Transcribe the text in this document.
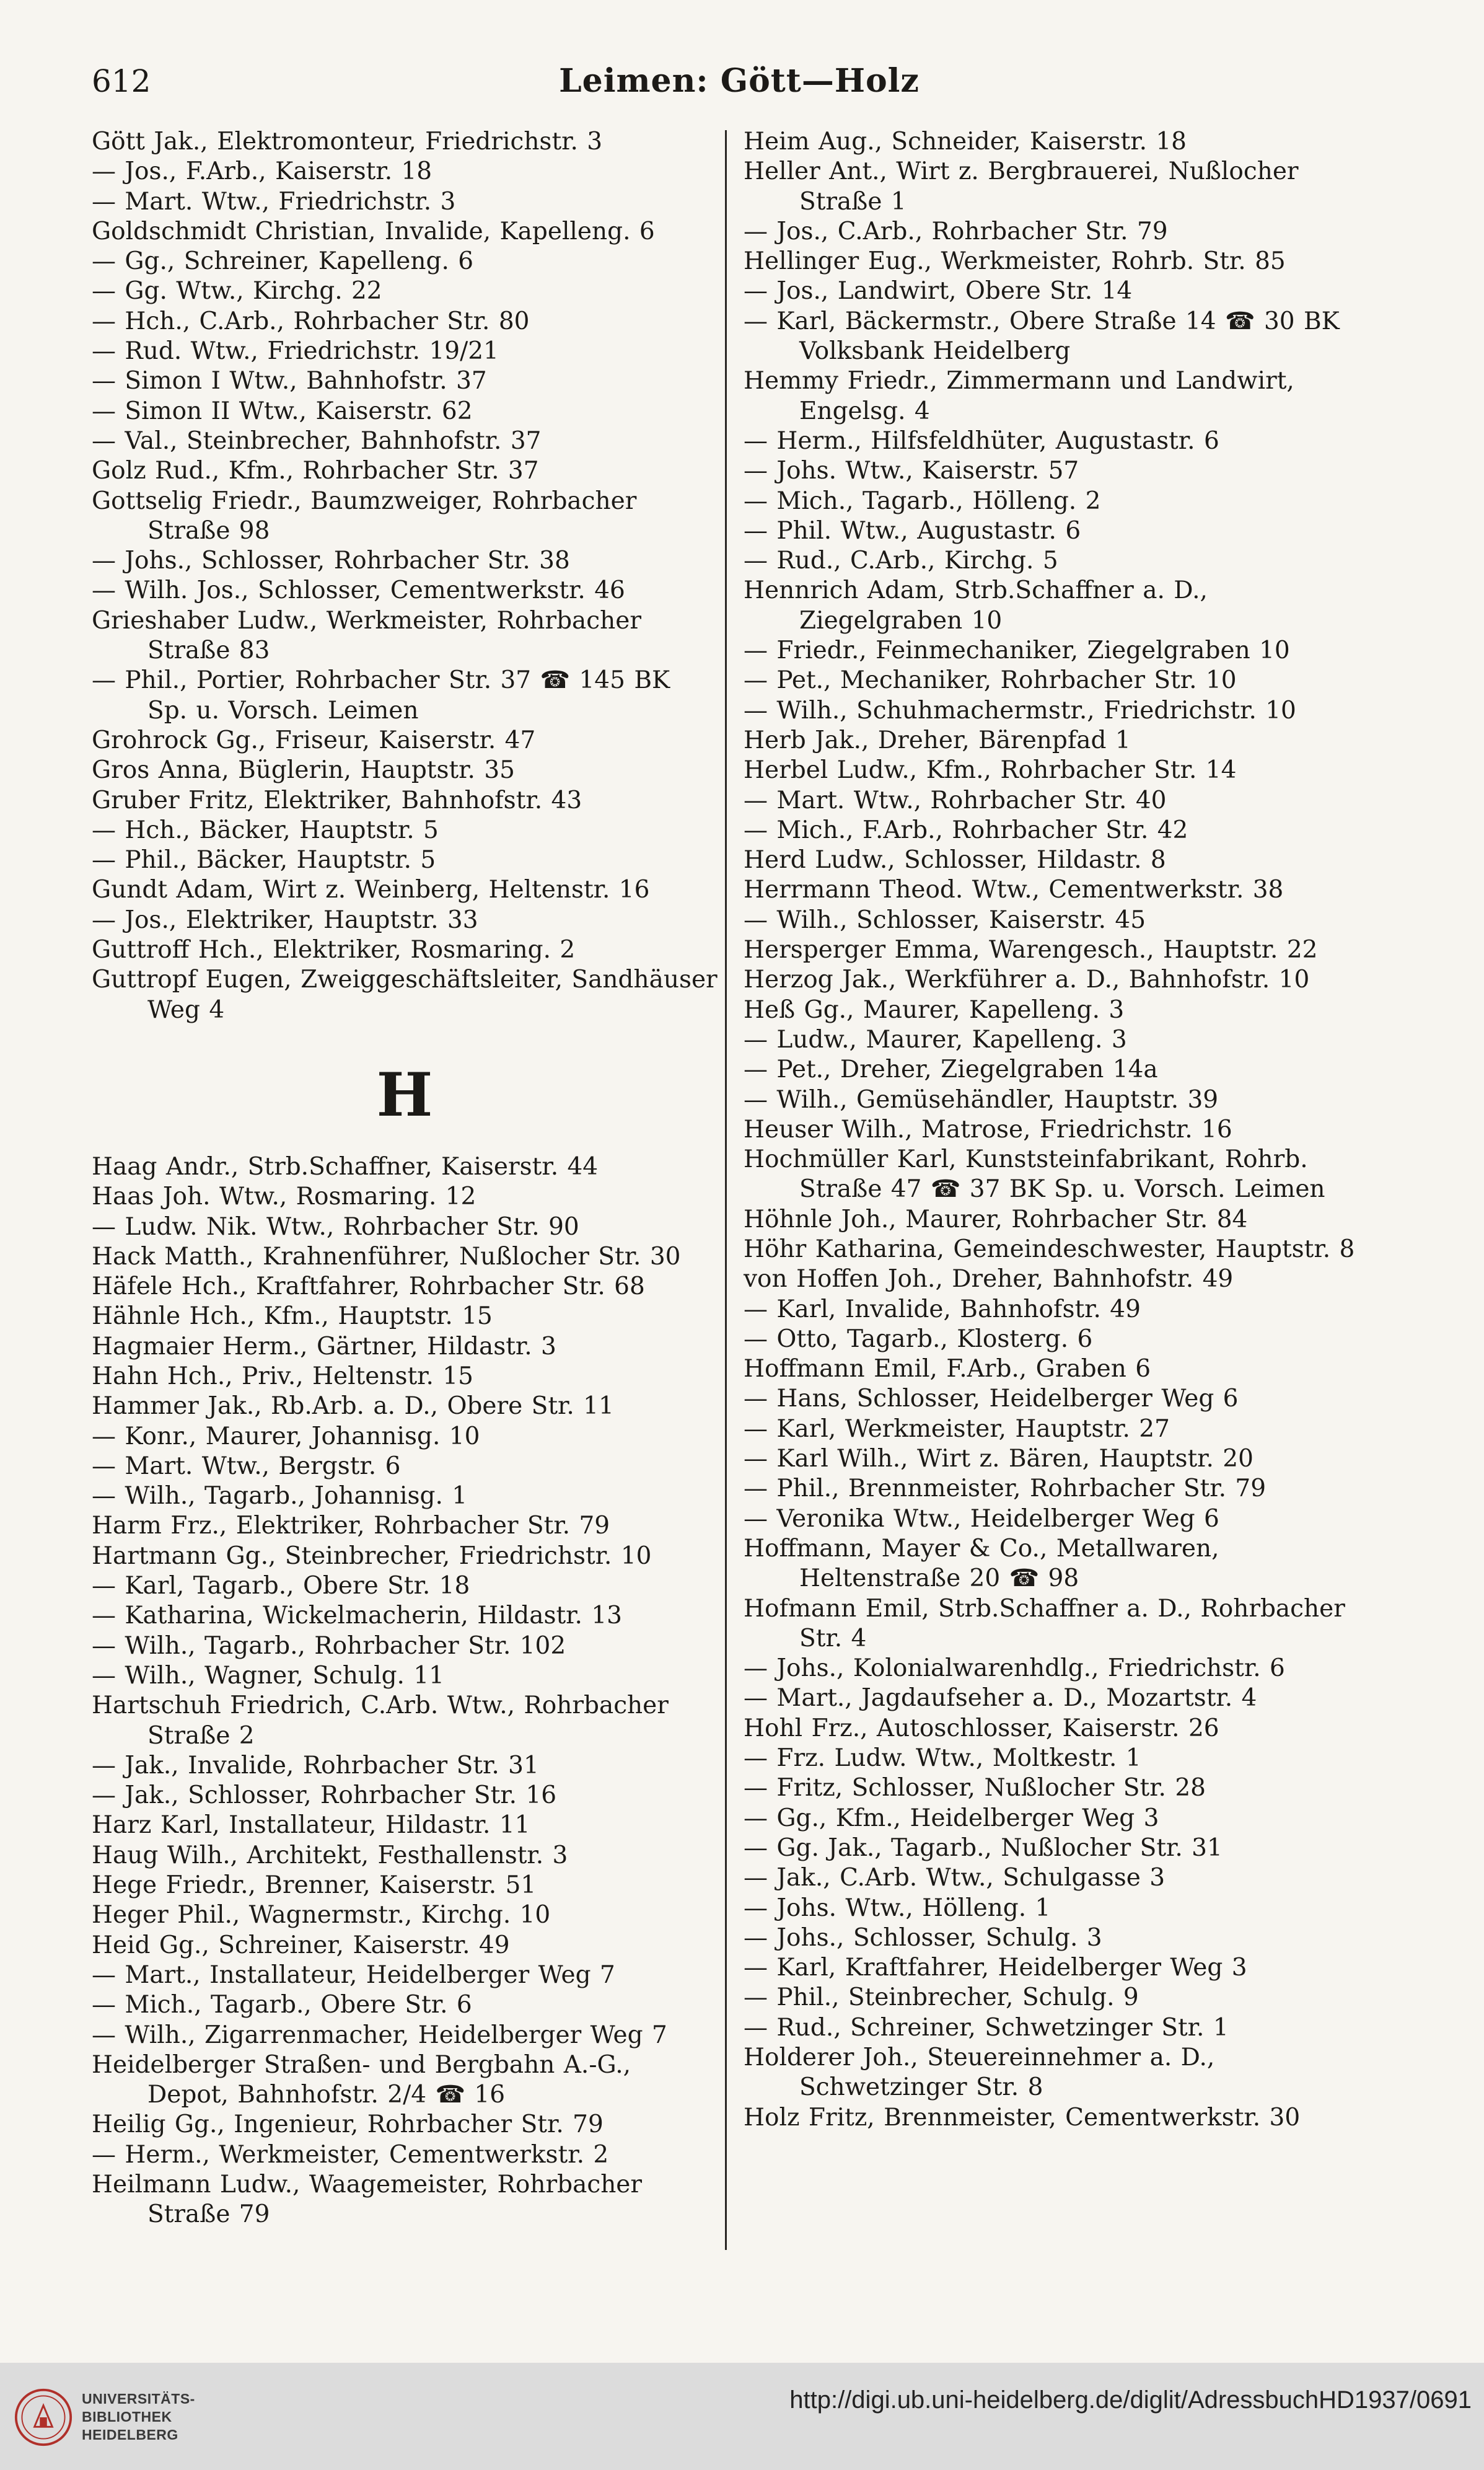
612	Leimen: Gött—Holz
Gött Jak., Elektromonteur, Friedrichstr. 3
— Jos., F.Arb., Kaiserstr. 18
— Mart. Wtw., Friedrichstr. 3
Goldschmidt Christian, Invalide, Kapelleng. 6
— Gg., Schreiner, Kapelleng. 6
— Gg. Wtw., Kirchg. 22
— Hch., C.Arb., Rohrbacher Str. 80
— Rud. Wtw., Friedrichstr. 19/21
— Simon I Wtw., Bahnhofstr. 37
— Simon II Wtw., Kaiserstr. 62
— Val., Steinbrecher, Bahnhofstr. 37
Golz Rud., Kfm., Rohrbacher Str. 37
Gottselig Friedr., Baumzweiger, Rohrbacher Straße 98
— Johs., Schlosser, Rohrbacher Str. 38
— Wilh. Jos., Schlosser, Cementwerkstr. 46
Grieshaber Ludw., Werkmeister, Rohrbacher Straße 83
— Phil., Portier, Rohrbacher Str. 37 ☎ 145 BK Sp. u. Vorsch. Leimen
Grohrock Gg., Friseur, Kaiserstr. 47
Gros Anna, Büglerin, Hauptstr. 35
Gruber Fritz, Elektriker, Bahnhofstr. 43
— Hch., Bäcker, Hauptstr. 5
— Phil., Bäcker, Hauptstr. 5
Gundt Adam, Wirt z. Weinberg, Heltenstr. 16
— Jos., Elektriker, Hauptstr. 33
Guttroff Hch., Elektriker, Rosmaring. 2
Guttropf Eugen, Zweiggeschäftsleiter, Sandhäuser Weg 4
H
Haag Andr., Strb.Schaffner, Kaiserstr. 44
Haas Joh. Wtw., Rosmaring. 12
— Ludw. Nik. Wtw., Rohrbacher Str. 90
Hack Matth., Krahnenführer, Nußlocher Str. 30
Häfele Hch., Kraftfahrer, Rohrbacher Str. 68
Hähnle Hch., Kfm., Hauptstr. 15
Hagmaier Herm., Gärtner, Hildastr. 3
Hahn Hch., Priv., Heltenstr. 15
Hammer Jak., Rb.Arb. a. D., Obere Str. 11
— Konr., Maurer, Johannisg. 10
— Mart. Wtw., Bergstr. 6
— Wilh., Tagarb., Johannisg. 1
Harm Frz., Elektriker, Rohrbacher Str. 79
Hartmann Gg., Steinbrecher, Friedrichstr. 10
— Karl, Tagarb., Obere Str. 18
— Katharina, Wickelmacherin, Hildastr. 13
— Wilh., Tagarb., Rohrbacher Str. 102
— Wilh., Wagner, Schulg. 11
Hartschuh Friedrich, C.Arb. Wtw., Rohrbacher Straße 2
— Jak., Invalide, Rohrbacher Str. 31
— Jak., Schlosser, Rohrbacher Str. 16
Harz Karl, Installateur, Hildastr. 11
Haug Wilh., Architekt, Festhallenstr. 3
Hege Friedr., Brenner, Kaiserstr. 51
Heger Phil., Wagnermstr., Kirchg. 10
Heid Gg., Schreiner, Kaiserstr. 49
— Mart., Installateur, Heidelberger Weg 7
— Mich., Tagarb., Obere Str. 6
— Wilh., Zigarrenmacher, Heidelberger Weg 7
Heidelberger Straßen- und Bergbahn A.-G., Depot, Bahnhofstr. 2/4 ☎ 16
Heilig Gg., Ingenieur, Rohrbacher Str. 79
— Herm., Werkmeister, Cementwerkstr. 2
Heilmann Ludw., Waagemeister, Rohrbacher Straße 79
Heim Aug., Schneider, Kaiserstr. 18
Heller Ant., Wirt z. Bergbrauerei, Nußlocher Straße 1
— Jos., C.Arb., Rohrbacher Str. 79
Hellinger Eug., Werkmeister, Rohrb. Str. 85
— Jos., Landwirt, Obere Str. 14
— Karl, Bäckermstr., Obere Straße 14 ☎ 30 BK Volksbank Heidelberg
Hemmy Friedr., Zimmermann und Landwirt, Engelsg. 4
— Herm., Hilfsfeldhüter, Augustastr. 6
— Johs. Wtw., Kaiserstr. 57
— Mich., Tagarb., Hölleng. 2
— Phil. Wtw., Augustastr. 6
— Rud., C.Arb., Kirchg. 5
Hennrich Adam, Strb.Schaffner a. D., Ziegelgraben 10
— Friedr., Feinmechaniker, Ziegelgraben 10
— Pet., Mechaniker, Rohrbacher Str. 10
— Wilh., Schuhmachermstr., Friedrichstr. 10
Herb Jak., Dreher, Bärenpfad 1
Herbel Ludw., Kfm., Rohrbacher Str. 14
— Mart. Wtw., Rohrbacher Str. 40
— Mich., F.Arb., Rohrbacher Str. 42
Herd Ludw., Schlosser, Hildastr. 8
Herrmann Theod. Wtw., Cementwerkstr. 38
— Wilh., Schlosser, Kaiserstr. 45
Hersperger Emma, Warengesch., Hauptstr. 22
Herzog Jak., Werkführer a. D., Bahnhofstr. 10
Heß Gg., Maurer, Kapelleng. 3
— Ludw., Maurer, Kapelleng. 3
— Pet., Dreher, Ziegelgraben 14a
— Wilh., Gemüsehändler, Hauptstr. 39
Heuser Wilh., Matrose, Friedrichstr. 16
Hochmüller Karl, Kunststeinfabrikant, Rohrb. Straße 47 ☎ 37 BK Sp. u. Vorsch. Leimen
Höhnle Joh., Maurer, Rohrbacher Str. 84
Höhr Katharina, Gemeindeschwester, Hauptstr. 8
von Hoffen Joh., Dreher, Bahnhofstr. 49
— Karl, Invalide, Bahnhofstr. 49
— Otto, Tagarb., Klosterg. 6
Hoffmann Emil, F.Arb., Graben 6
— Hans, Schlosser, Heidelberger Weg 6
— Karl, Werkmeister, Hauptstr. 27
— Karl Wilh., Wirt z. Bären, Hauptstr. 20
— Phil., Brennmeister, Rohrbacher Str. 79
— Veronika Wtw., Heidelberger Weg 6
Hoffmann, Mayer & Co., Metallwaren, Heltenstraße 20 ☎ 98
Hofmann Emil, Strb.Schaffner a. D., Rohrbacher Str. 4
— Johs., Kolonialwarenhdlg., Friedrichstr. 6
— Mart., Jagdaufseher a. D., Mozartstr. 4
Hohl Frz., Autoschlosser, Kaiserstr. 26
— Frz. Ludw. Wtw., Moltkestr. 1
— Fritz, Schlosser, Nußlocher Str. 28
— Gg., Kfm., Heidelberger Weg 3
— Gg. Jak., Tagarb., Nußlocher Str. 31
— Jak., C.Arb. Wtw., Schulgasse 3
— Johs. Wtw., Hölleng. 1
— Johs., Schlosser, Schulg. 3
— Karl, Kraftfahrer, Heidelberger Weg 3
— Phil., Steinbrecher, Schulg. 9
— Rud., Schreiner, Schwetzinger Str. 1
Holderer Joh., Steuereinnehmer a. D., Schwetzinger Str. 8
Holz Fritz, Brennmeister, Cementwerkstr. 30
UNIVERSITÄTS-
BIBLIOTHEK
HEIDELBERG
http://digi.ub.uni-heidelberg.de/diglit/AdressbuchHD1937/0691
